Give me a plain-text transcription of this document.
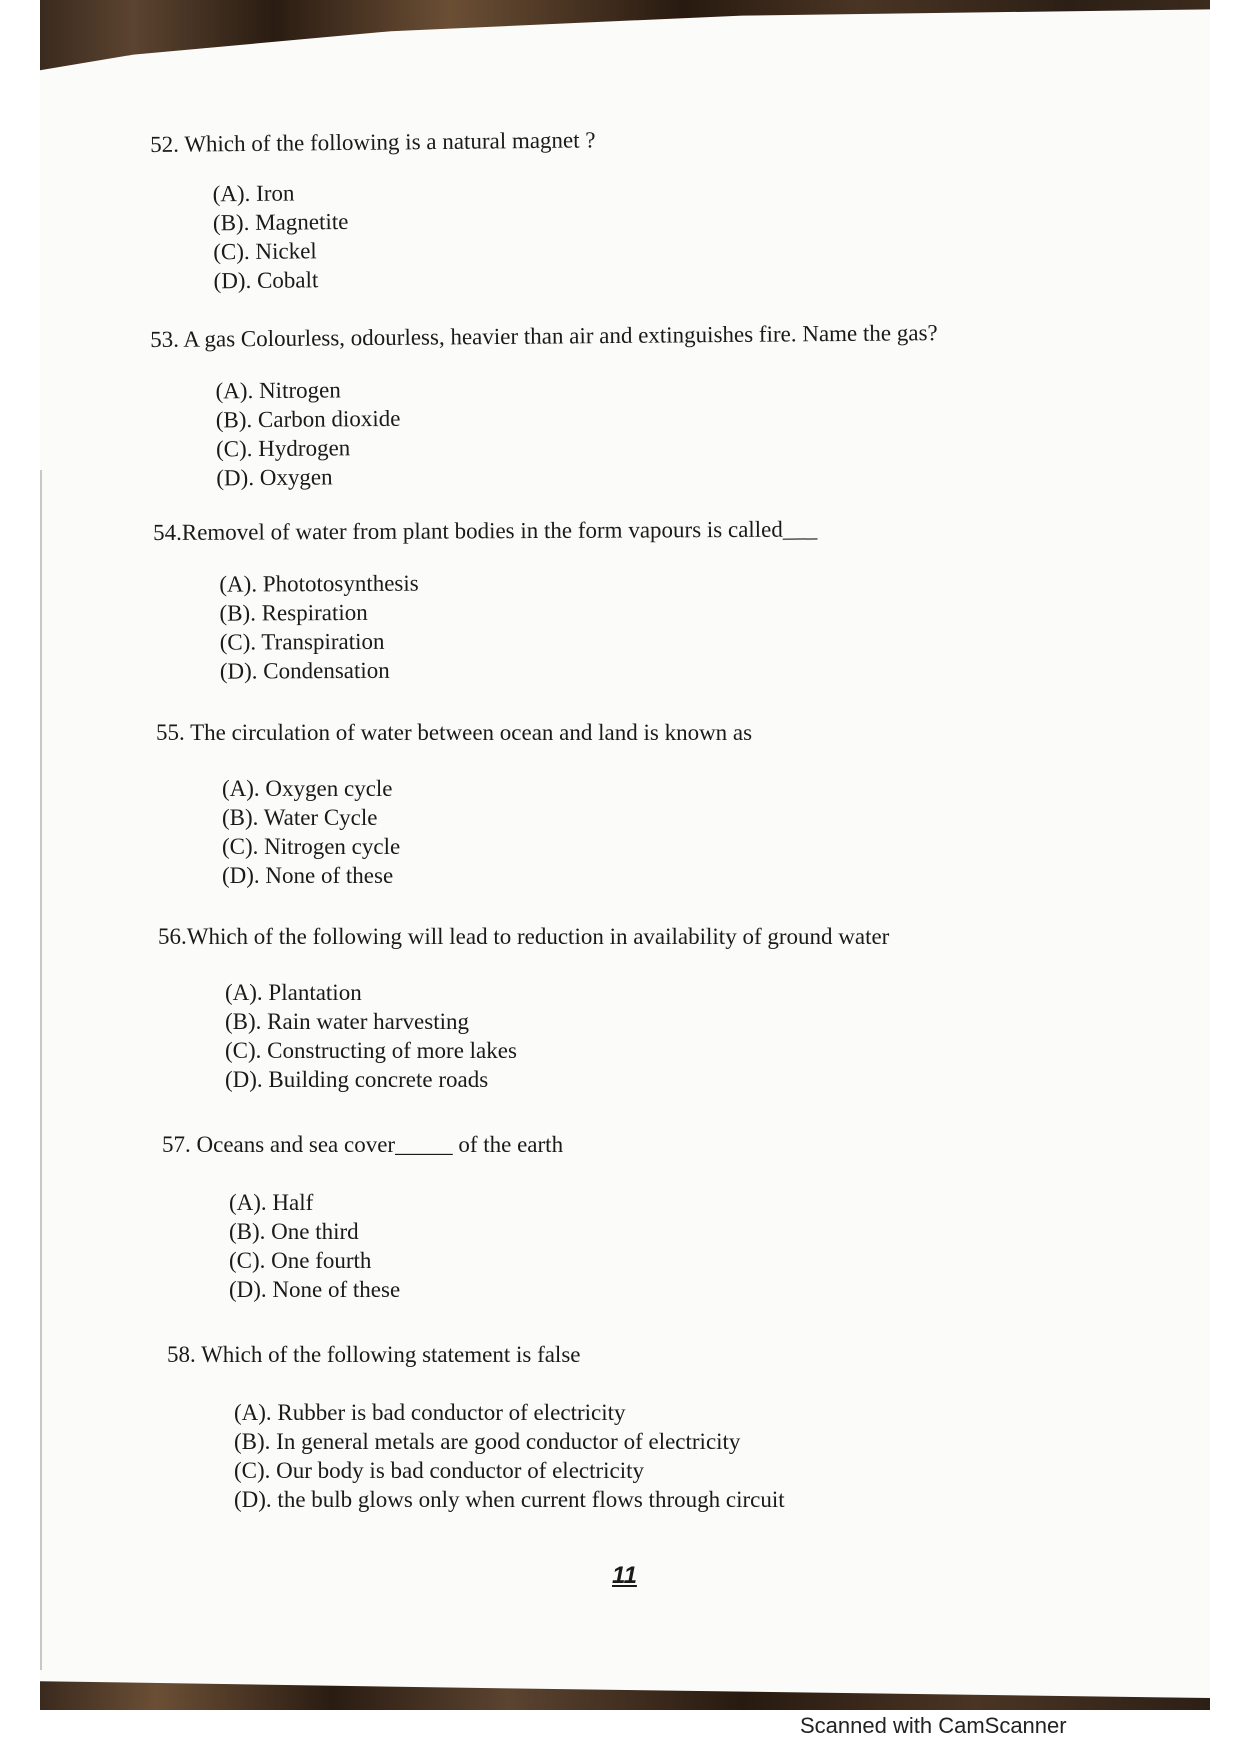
52. Which of the following is a natural magnet ?
(A). Iron
(B). Magnetite
(C). Nickel
(D). Cobalt
53. A gas Colourless, odourless, heavier than air and extinguishes fire. Name the gas?
(A). Nitrogen
(B). Carbon dioxide
(C). Hydrogen
(D). Oxygen
54.Removel of water from plant bodies in the form vapours is called___
(A). Phototosynthesis
(B). Respiration
(C). Transpiration
(D). Condensation
55. The circulation of water between ocean and land is known as
(A). Oxygen cycle
(B). Water Cycle
(C). Nitrogen cycle
(D). None of these
56.Which of the following will lead to reduction in availability of ground water
(A). Plantation
(B). Rain water harvesting
(C). Constructing of more lakes
(D). Building concrete roads
57. Oceans and sea cover_____ of the earth
(A). Half
(B). One third
(C). One fourth
(D). None of these
58. Which of the following statement is false
(A). Rubber is bad conductor of electricity
(B). In general metals are good conductor of electricity
(C). Our body is bad conductor of electricity
(D). the bulb glows only when current flows through circuit
11
Scanned with CamScanner
